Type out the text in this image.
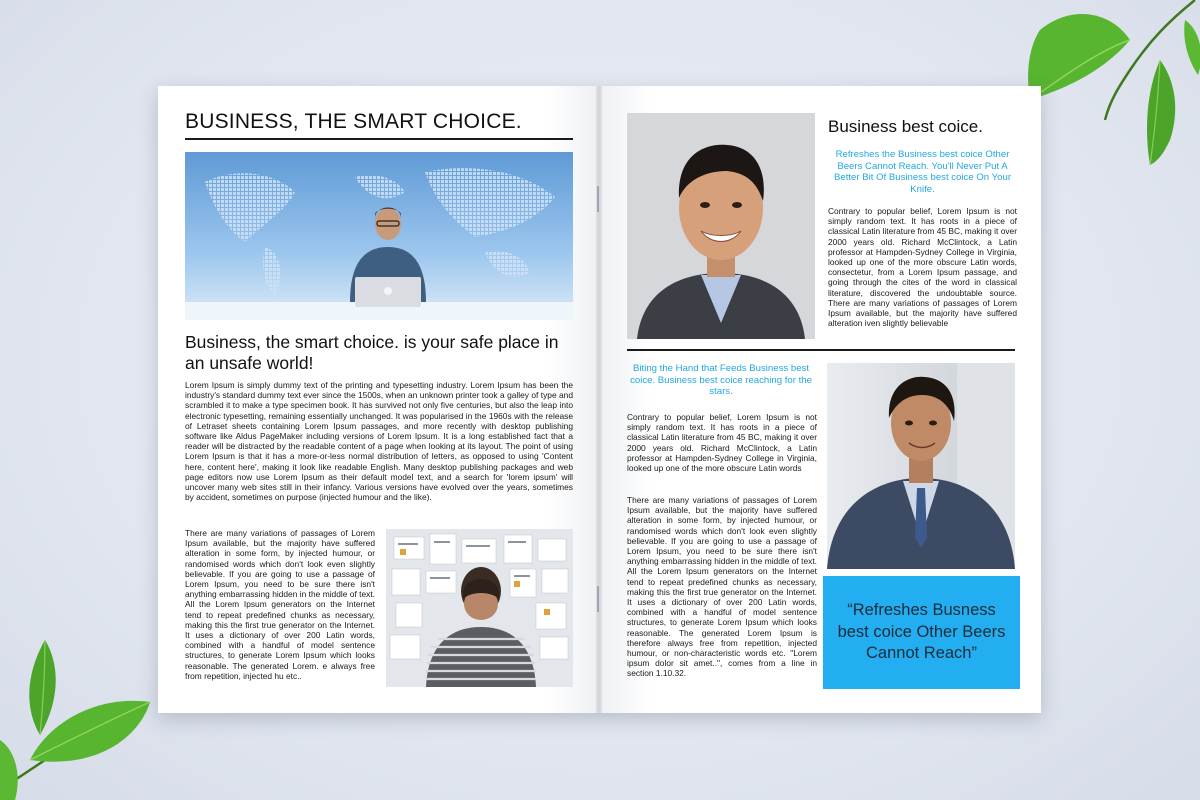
BUSINESS, THE SMART CHOICE.
Business, the smart choice. is your safe place in an unsafe world!

Lorem Ipsum is simply dummy text of the printing and typesetting industry. Lorem Ipsum has been the industry's standard dummy text ever since the 1500s, when an unknown printer took a galley of type and scrambled it to make a type specimen book. It has survived not only five centuries, but also the leap into electronic typesetting, remaining essentially unchanged. It was popularised in the 1960s with the release of Letraset sheets containing Lorem Ipsum passages, and more recently with desktop publishing software like Aldus PageMaker including versions of Lorem Ipsum. It is a long established fact that a reader will be distracted by the readable content of a page when looking at its layout. The point of using Lorem Ipsum is that it has a more-or-less normal distribution of letters, as opposed to using 'Content here, content here', making it look like readable English. Many desktop publishing packages and web page editors now use Lorem Ipsum as their default model text, and a search for 'lorem ipsum' will uncover many web sites still in their infancy. Various versions have evolved over the years, sometimes by accident, sometimes on purpose (injected humour and the like).

There are many variations of passages of Lorem Ipsum available, but the majority have suffered alteration in some form, by injected humour, or randomised words which don't look even slightly believable. If you are going to use a passage of Lorem Ipsum, you need to be sure there isn't anything embarrassing hidden in the middle of text. All the Lorem Ipsum generators on the Internet tend to repeat predefined chunks as necessary, making this the first true generator on the Internet. It uses a dictionary of over 200 Latin words, combined with a handful of model sentence structures, to generate Lorem Ipsum which looks reasonable. The generated Lorem. e always free from repetition, injected hu etc..

Business best coice.
Refreshes the Business best coice Other Beers Cannot Reach. You'll Never Put A Better Bit Of Business best coice On Your Knife.

Contrary to popular belief, Lorem Ipsum is not simply random text. It has roots in a piece of classical Latin literature from 45 BC, making it over 2000 years old. Richard McClintock, a Latin professor at Hampden-Sydney College in Virginia, looked up one of the more obscure Latin words, consectetur, from a Lorem Ipsum passage, and going through the cites of the word in classical literature, discovered the undoubtable source. There are many variations of passages of Lorem Ipsum available, but the majority have suffered alteration iven slightly believable

Biting the Hand that Feeds Business best coice. Business best coice reaching for the stars.

Contrary to popular belief, Lorem Ipsum is not simply random text. It has roots in a piece of classical Latin literature from 45 BC, making it over 2000 years old. Richard McClintock, a Latin professor at Hampden-Sydney College in Virginia, looked up one of the more obscure Latin words

There are many variations of passages of Lorem Ipsum available, but the majority have suffered alteration in some form, by injected humour, or randomised words which don't look even slightly believable. If you are going to use a passage of Lorem Ipsum, you need to be sure there isn't anything embarrassing hidden in the middle of text. All the Lorem Ipsum generators on the Internet tend to repeat predefined chunks as necessary, making this the first true generator on the Internet. It uses a dictionary of over 200 Latin words, combined with a handful of model sentence structures, to generate Lorem Ipsum which looks reasonable. The generated Lorem Ipsum is therefore always free from repetition, injected humour, or non-characteristic words etc. "Lorem ipsum dolor sit amet..", comes from a line in section 1.10.32.

“Refreshes Busness best coice Other Beers Cannot Reach”
